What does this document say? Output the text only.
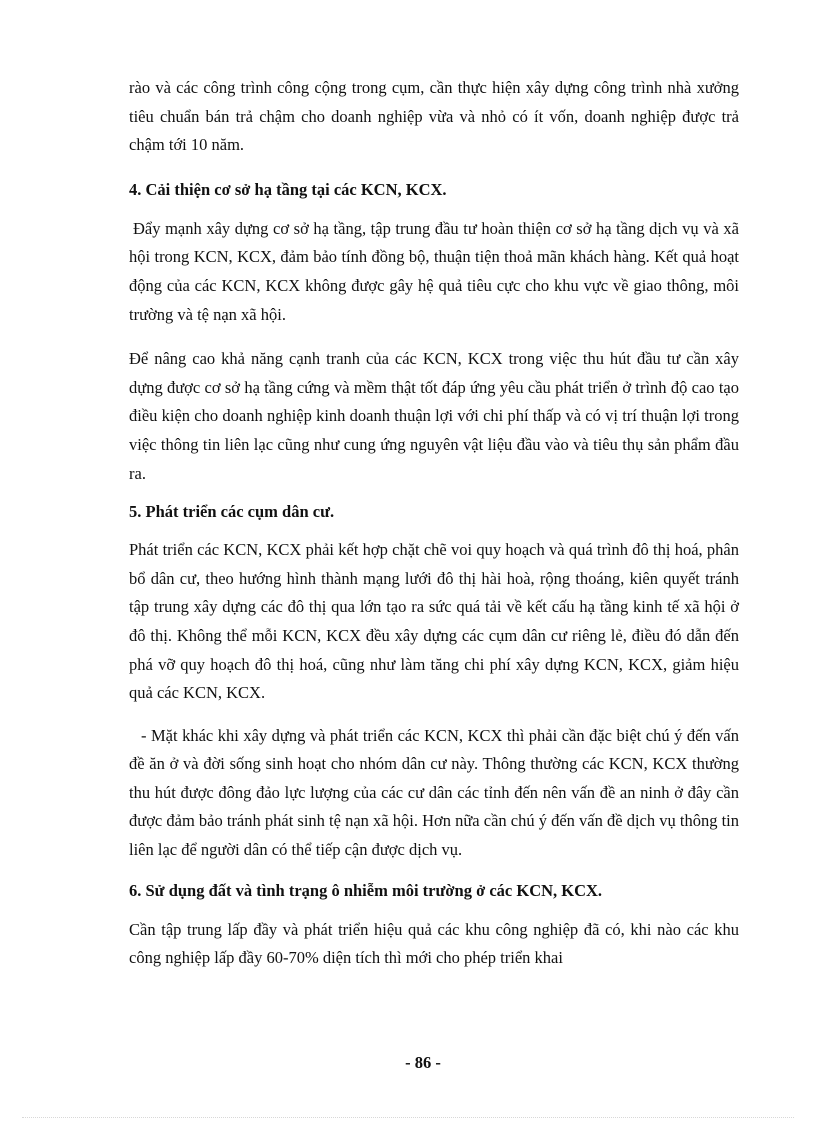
rào và các công trình công cộng trong cụm, cần thực hiện xây dựng công trình nhà xưởng tiêu chuẩn bán trả chậm cho doanh nghiệp vừa và nhỏ có ít vốn, doanh nghiệp được trả chậm tới 10 năm.

4. Cải thiện cơ sở hạ tầng tại các KCN, KCX.

Đẩy mạnh xây dựng cơ sở hạ tầng, tập trung đầu tư hoàn thiện cơ sở hạ tầng dịch vụ và xã hội trong KCN, KCX, đảm bảo tính đồng bộ, thuận tiện thoả mãn khách hàng. Kết quả hoạt động của các KCN, KCX không được gây hệ quả tiêu cực cho khu vực về giao thông, môi trường và tệ nạn xã hội.

Để nâng cao khả năng cạnh tranh của các KCN, KCX trong việc thu hút đầu tư cần xây dựng được cơ sở hạ tầng cứng và mềm thật tốt đáp ứng yêu cầu phát triển ở trình độ cao tạo điều kiện cho doanh nghiệp kinh doanh thuận lợi với chi phí thấp và có vị trí thuận lợi trong việc thông tin liên lạc cũng như cung ứng nguyên vật liệu đầu vào và tiêu thụ sản phẩm đầu ra.

5. Phát triển các cụm dân cư.

Phát triển các KCN, KCX phải kết hợp chặt chẽ voi quy hoạch và quá trình đô thị hoá, phân bổ dân cư, theo hướng hình thành mạng lưới đô thị hài hoà, rộng thoáng, kiên quyết tránh tập trung xây dựng các đô thị qua lớn tạo ra sức quá tải về kết cấu hạ tầng kinh tế xã hội ở đô thị. Không thể mỗi KCN, KCX đều xây dựng các cụm dân cư riêng lẻ, điều đó dẫn đến phá vỡ quy hoạch đô thị hoá, cũng như làm tăng chi phí xây dựng KCN, KCX, giảm hiệu quả các KCN, KCX.

- Mặt khác khi xây dựng và phát triển các KCN, KCX thì phải cần đặc biệt chú ý đến vấn đề ăn ở và đời sống sinh hoạt cho nhóm dân cư này. Thông thường các KCN, KCX thường thu hút được đông đảo lực lượng của các cư dân các tỉnh đến nên vấn đề an ninh ở đây cần được đảm bảo tránh phát sinh tệ nạn xã hội. Hơn nữa cần chú ý đến vấn đề dịch vụ thông tin liên lạc để người dân có thể tiếp cận được dịch vụ.

6. Sử dụng đất và tình trạng ô nhiễm môi trường ở các KCN, KCX.

Cần tập trung lấp đầy và phát triển hiệu quả các khu công nghiệp đã có, khi nào các khu công nghiệp lấp đầy 60-70% diện tích thì mới cho phép triển khai

- 86 -
